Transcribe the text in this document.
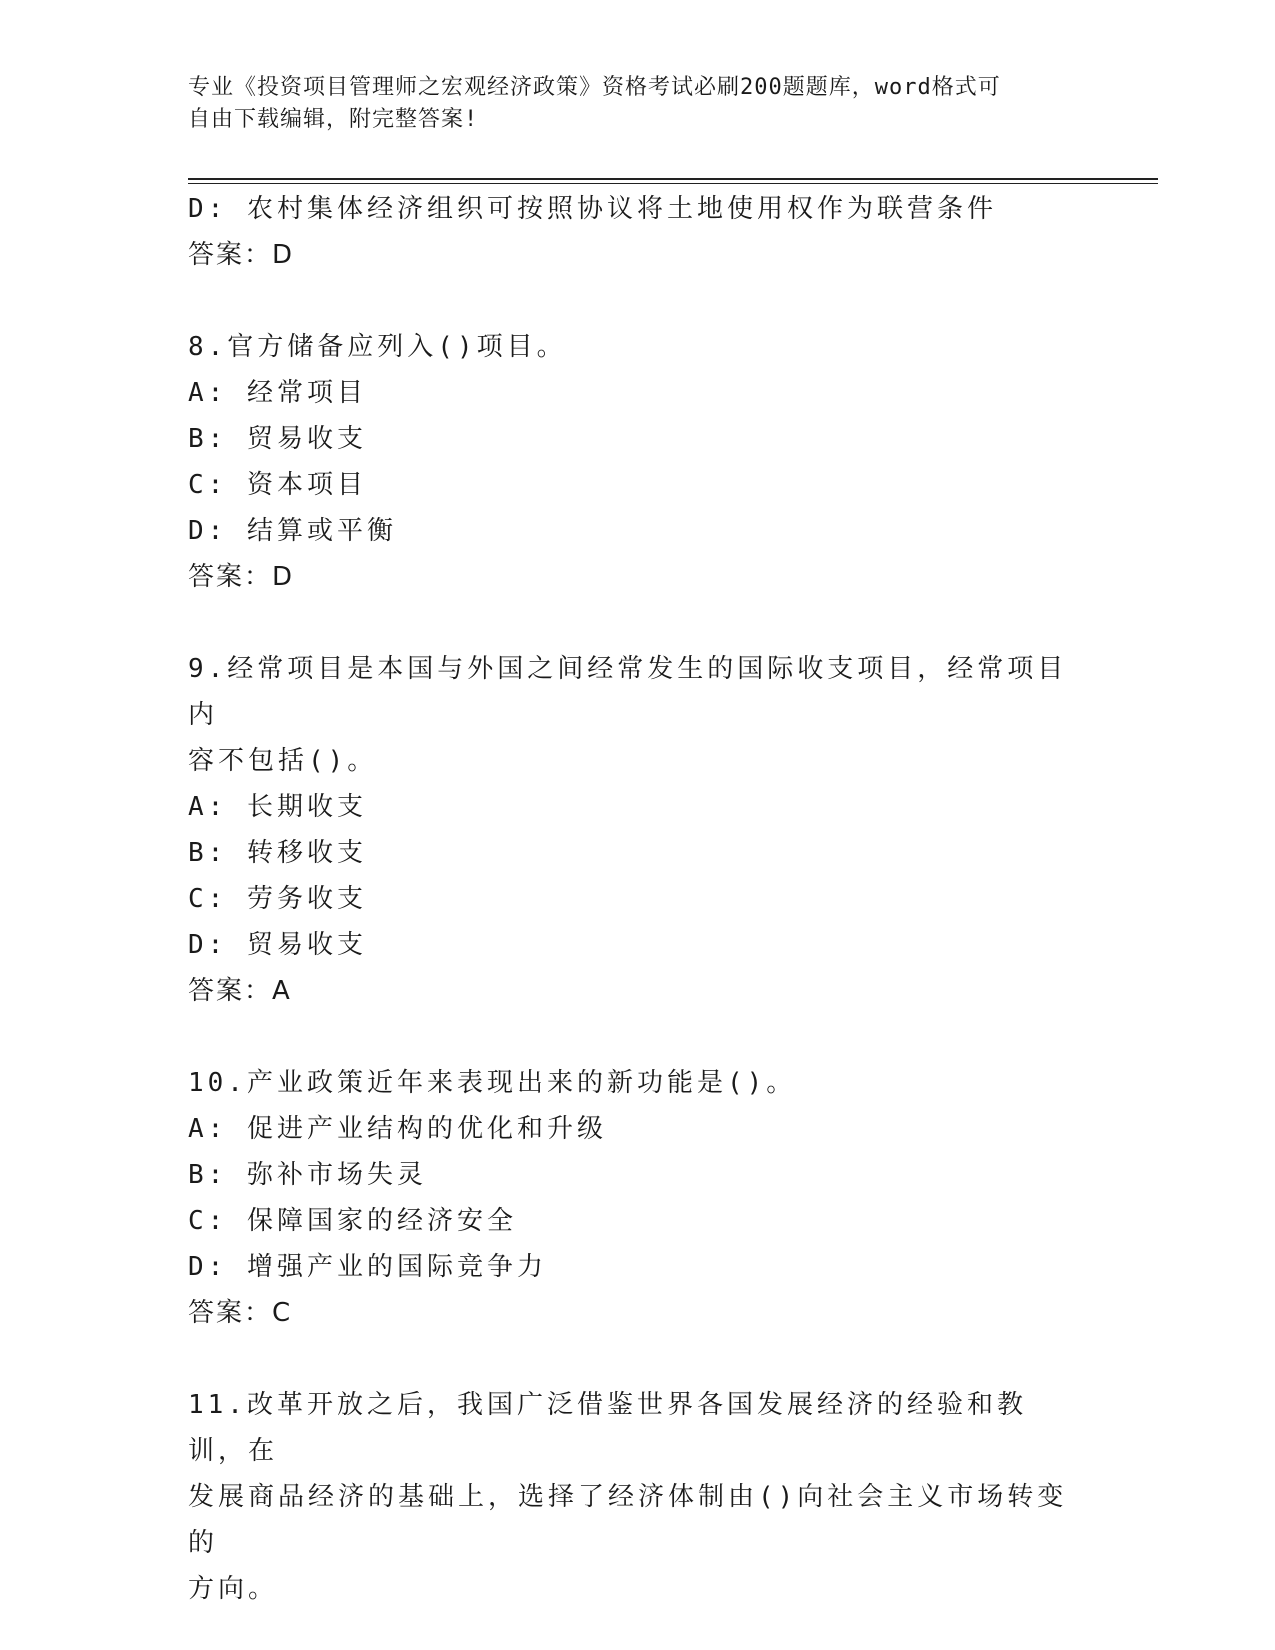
专业《投资项目管理师之宏观经济政策》资格考试必刷200题题库，word格式可
自由下载编辑，附完整答案!
D: 农村集体经济组织可按照协议将土地使用权作为联营条件
答案：D
8.官方储备应列入()项目。
A: 经常项目
B: 贸易收支
C: 资本项目
D: 结算或平衡
答案：D
9.经常项目是本国与外国之间经常发生的国际收支项目，经常项目内
容不包括()。
A: 长期收支
B: 转移收支
C: 劳务收支
D: 贸易收支
答案：A
10.产业政策近年来表现出来的新功能是()。
A: 促进产业结构的优化和升级
B: 弥补市场失灵
C: 保障国家的经济安全
D: 增强产业的国际竞争力
答案：C
11.改革开放之后，我国广泛借鉴世界各国发展经济的经验和教训，在
发展商品经济的基础上，选择了经济体制由()向社会主义市场转变的
方向。
